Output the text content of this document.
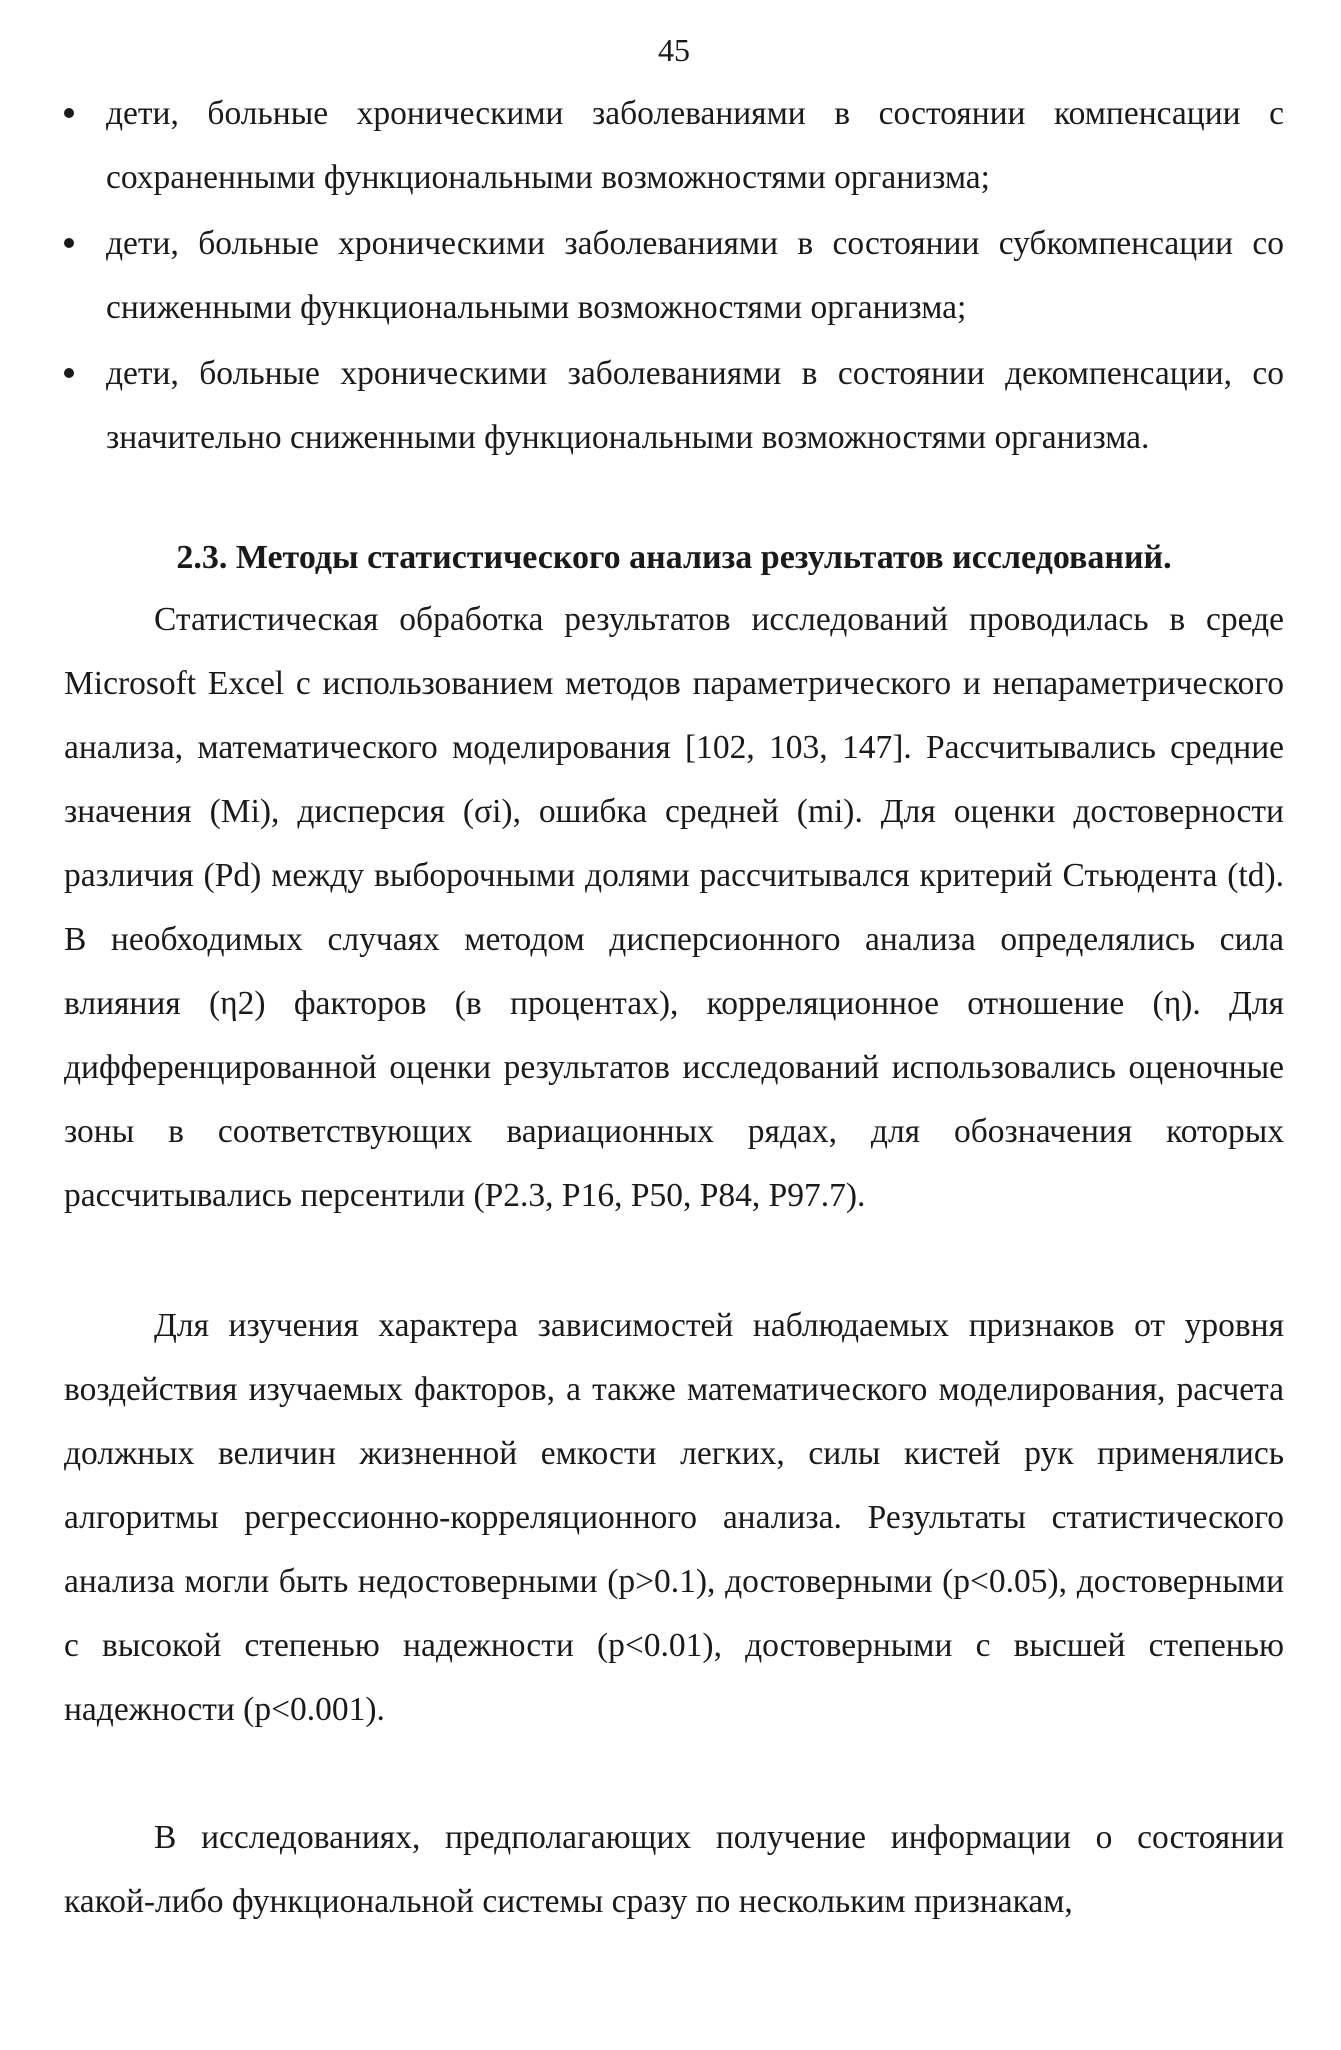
45
дети, больные хроническими заболеваниями в состоянии компенсации с сохраненными функциональными возможностями организма;
дети, больные хроническими заболеваниями в состоянии субкомпенсации со сниженными функциональными возможностями организма;
дети, больные хроническими заболеваниями в состоянии декомпенсации, со значительно сниженными функциональными возможностями организма.
2.3. Методы статистического анализа результатов исследований.

Статистическая обработка результатов исследований проводилась в среде Microsoft Excel с использованием методов параметрического и непараметрического анализа, математического моделирования [102, 103, 147]. Рассчитывались средние значения (Mi), дисперсия (σi), ошибка средней (mi). Для оценки достоверности различия (Pd) между выборочными долями рассчитывался критерий Стьюдента (td). В необходимых случаях методом дисперсионного анализа определялись сила влияния (η2) факторов (в процентах), корреляционное отношение (η). Для дифференцированной оценки результатов исследований использовались оценочные зоны в соответствующих вариационных рядах, для обозначения которых рассчитывались персентили (P2.3, P16, P50, P84, P97.7).

Для изучения характера зависимостей наблюдаемых признаков от уровня воздействия изучаемых факторов, а также математического моделирования, расчета должных величин жизненной емкости легких, силы кистей рук применялись алгоритмы регрессионно-корреляционного анализа. Результаты статистического анализа могли быть недостоверными (p>0.1), достоверными (p<0.05), достоверными с высокой степенью надежности (p<0.01), достоверными с высшей степенью надежности (p<0.001).

В исследованиях, предполагающих получение информации о состоянии какой-либо функциональной системы сразу по нескольким признакам,
